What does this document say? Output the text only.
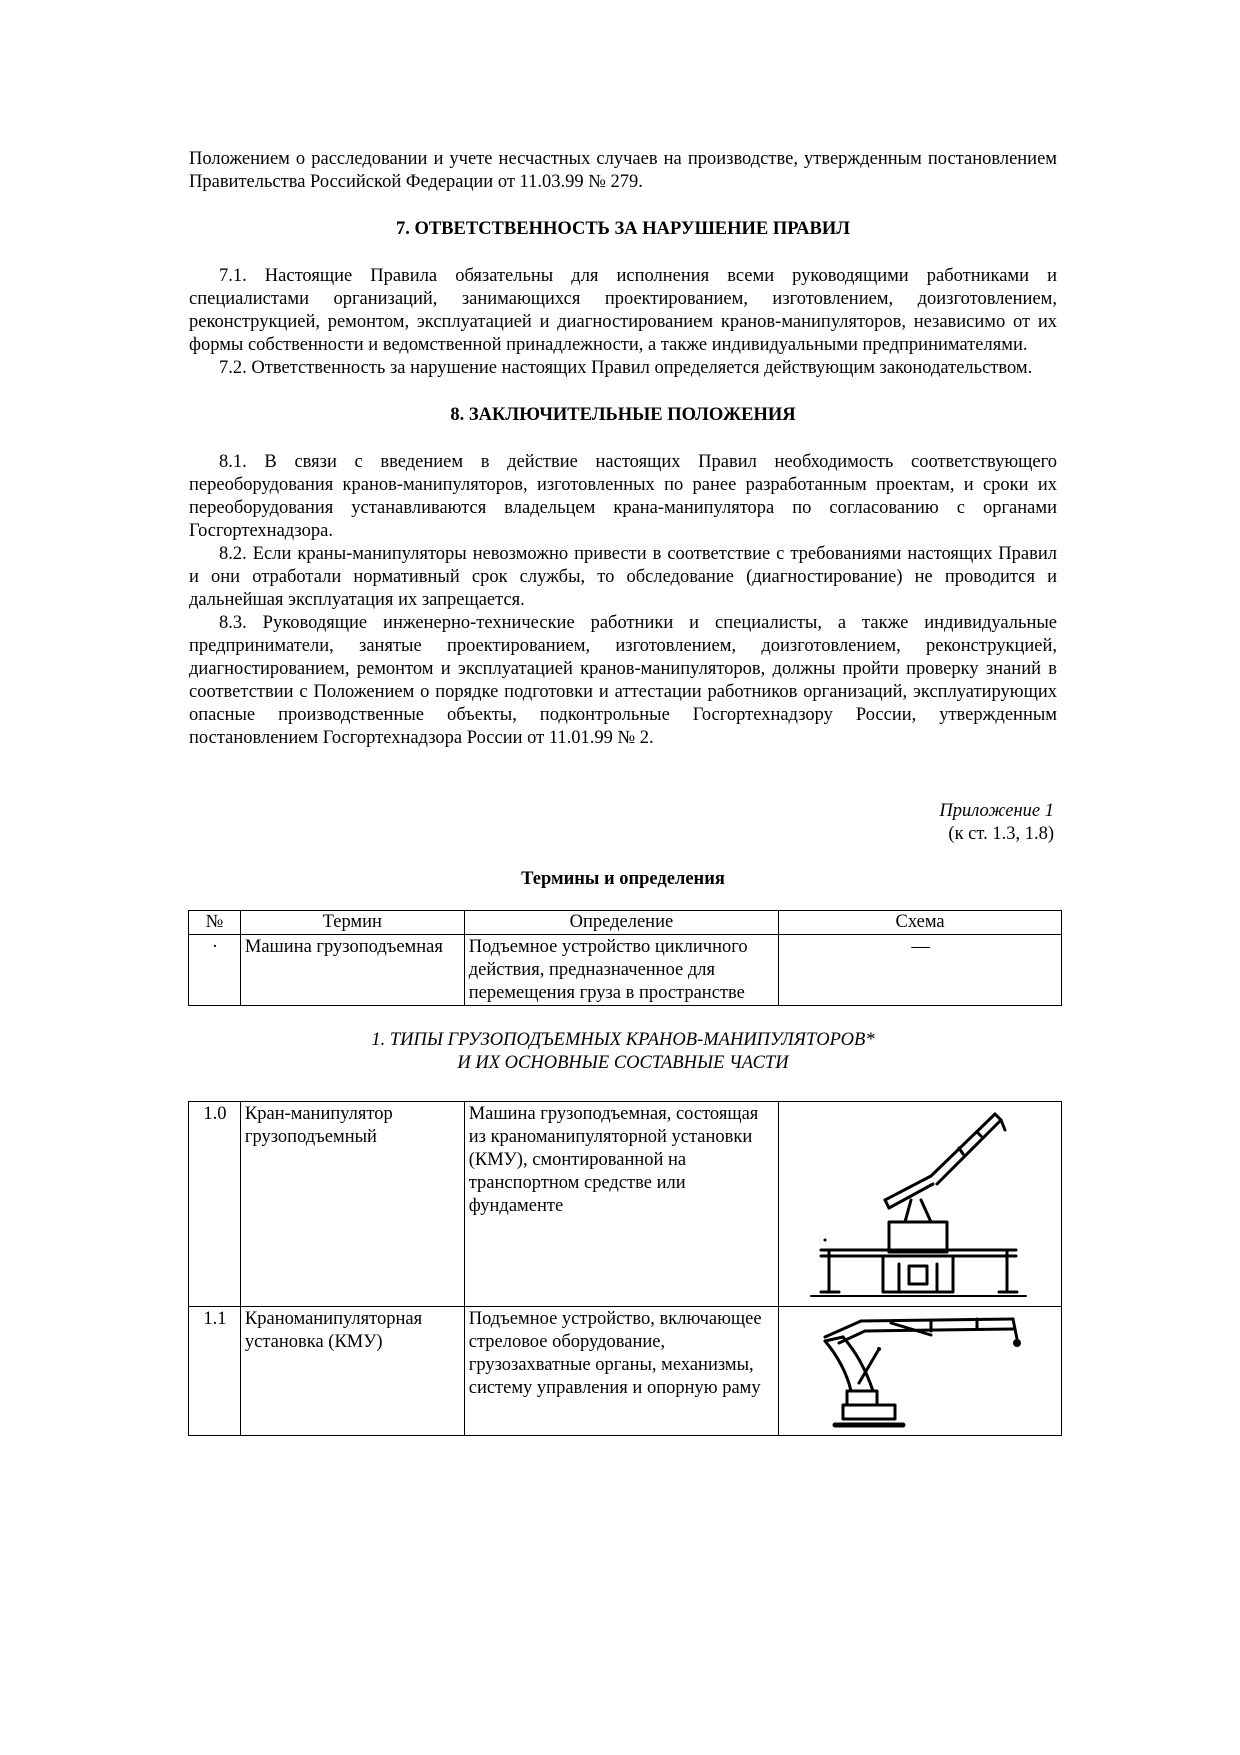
Положением о расследовании и учете несчастных случаев на производстве, утвержденным постановлением Правительства Российской Федерации от 11.03.99 № 279.

7. ОТВЕТСТВЕННОСТЬ ЗА НАРУШЕНИЕ ПРАВИЛ

7.1. Настоящие Правила обязательны для исполнения всеми руководящими работниками и специалистами организаций, занимающихся проектированием, изготовлением, доизготовлением, реконструкцией, ремонтом, эксплуатацией и диагностированием кранов-манипуляторов, независимо от их формы собственности и ведомственной принадлежности, а также индивидуальными предпринимателями.

7.2. Ответственность за нарушение настоящих Правил определяется действующим законодательством.

8. ЗАКЛЮЧИТЕЛЬНЫЕ ПОЛОЖЕНИЯ

8.1. В связи с введением в действие настоящих Правил необходимость соответствующего переоборудования кранов-манипуляторов, изготовленных по ранее разработанным проектам, и сроки их переоборудования устанавливаются владельцем крана-манипулятора по согласованию с органами Госгортехнадзора.

8.2. Если краны-манипуляторы невозможно привести в соответствие с требованиями настоящих Правил и они отработали нормативный срок службы, то обследование (диагностирование) не проводится и дальнейшая эксплуатация их запрещается.

8.3. Руководящие инженерно-технические работники и специалисты, а также индивидуальные предприниматели, занятые проектированием, изготовлением, доизготовлением, реконструкцией, диагностированием, ремонтом и эксплуатацией кранов-манипуляторов, должны пройти проверку знаний в соответствии с Положением о порядке подготовки и аттестации работников организаций, эксплуатирующих опасные производственные объекты, подконтрольные Госгортехнадзору России, утвержденным постановлением Госгортехнадзора России от 11.01.99 № 2.

Приложение 1

(к ст. 1.3, 1.8)

Термины и определения
№	Термин	Определение	Схема
·	Машина грузоподъемная	Подъемное устройство цикличного действия, предназначенное для перемещения груза в пространстве	—

1. ТИПЫ ГРУЗОПОДЪЕМНЫХ КРАНОВ-МАНИПУЛЯТОРОВ*

И ИХ ОСНОВНЫЕ СОСТАВНЫЕ ЧАСТИ

1.0	Кран-манипулятор грузоподъемный	Машина грузоподъемная, состоящая из краноманипуляторной установки (КМУ), смонтированной на транспортном средстве или фундаменте	

1.1	Краноманипуляторная установка (КМУ)	Подъемное устройство, включающее стреловое оборудование, грузозахватные органы, механизмы, систему управления и опорную раму	
